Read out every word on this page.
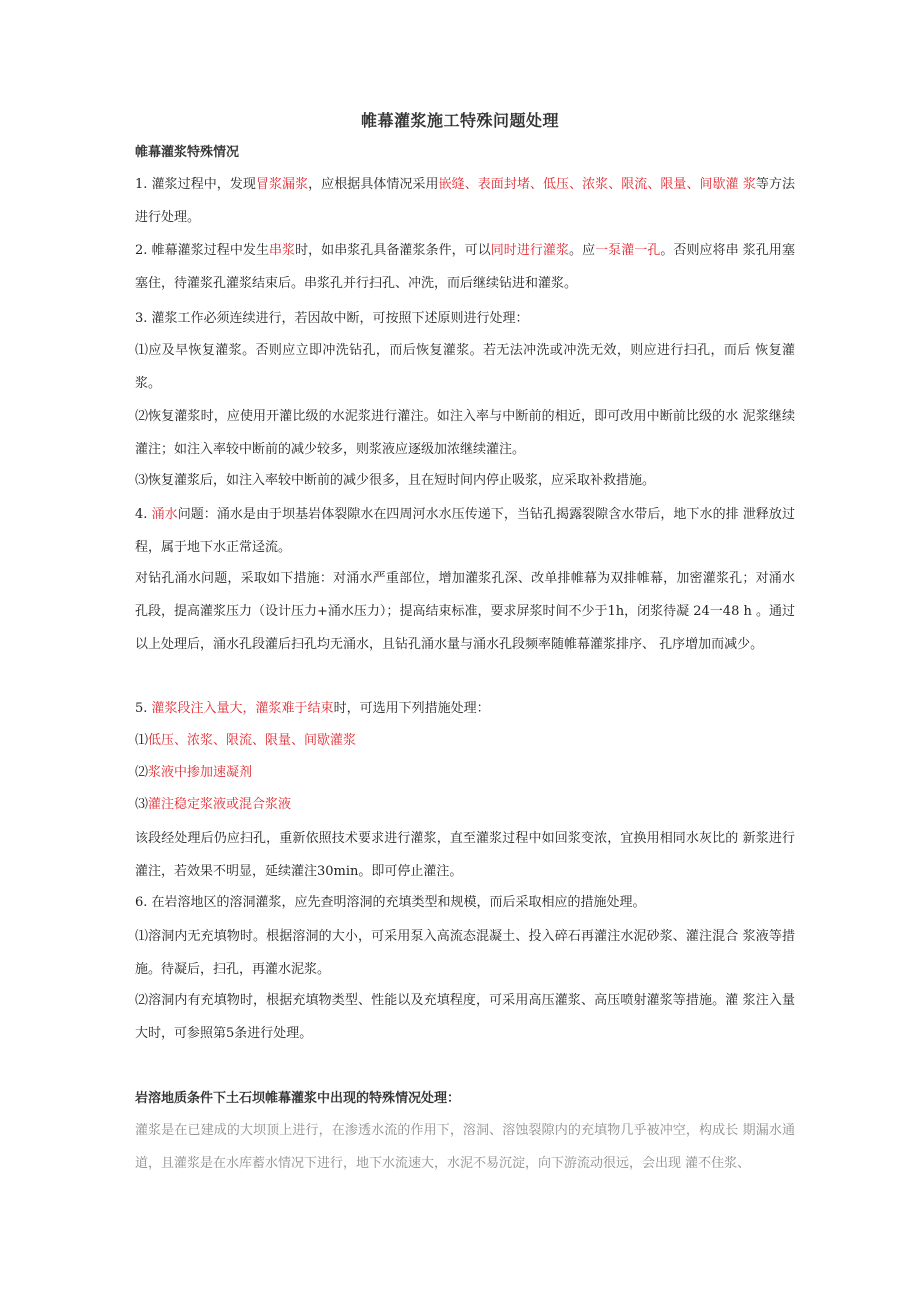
帷幕灌浆施工特殊问题处理
帷幕灌浆特殊情况
1. 灌浆过程中，发现冒浆漏浆，应根据具体情况采用嵌缝、表面封堵、低压、浓浆、限流、限量、间歇灌 浆等方法进行处理。
2. 帷幕灌浆过程中发生串浆时，如串浆孔具备灌浆条件，可以同时进行灌浆。应一泵灌一孔。否则应将串 浆孔用塞塞住，待灌浆孔灌浆结束后。串浆孔并行扫孔、冲洗，而后继续钻进和灌浆。
3. 灌浆工作必须连续进行，若因故中断，可按照下述原则进行处理：
⑴应及早恢复灌浆。否则应立即冲洗钻孔，而后恢复灌浆。若无法冲洗或冲洗无效，则应进行扫孔，而后 恢复灌浆。
⑵恢复灌浆时，应使用开灌比级的水泥浆进行灌注。如注入率与中断前的相近，即可改用中断前比级的水 泥浆继续灌注；如注入率较中断前的减少较多，则浆液应逐级加浓继续灌注。
⑶恢复灌浆后，如注入率较中断前的减少很多，且在短时间内停止吸浆，应采取补救措施。
4. 涌水问题：涌水是由于坝基岩体裂隙水在四周河水水压传递下，当钻孔揭露裂隙含水带后，地下水的排 泄释放过程，属于地下水正常迳流。
对钻孔涌水问题，采取如下措施：对涌水严重部位，增加灌浆孔深、改单排帷幕为双排帷幕，加密灌浆孔；对涌水孔段，提高灌浆压力（设计压力+涌水压力）；提高结束标准，要求屏浆时间不少于1h，闭浆待凝 24一48 h 。通过以上处理后，涌水孔段灌后扫孔均无涌水，且钻孔涌水量与涌水孔段频率随帷幕灌浆排序、 孔序增加而减少。
5. 灌浆段注入量大，灌浆难于结束时，可选用下列措施处理：
⑴低压、浓浆、限流、限量、间歇灌浆
⑵浆液中掺加速凝剂
⑶灌注稳定浆液或混合浆液
该段经处理后仍应扫孔，重新依照技术要求进行灌浆，直至灌浆过程中如回浆变浓，宜换用相同水灰比的 新浆进行灌注，若效果不明显，延续灌注30min。即可停止灌注。
6. 在岩溶地区的溶洞灌浆，应先查明溶洞的充填类型和规模，而后采取相应的措施处理。
⑴溶洞内无充填物时。根据溶洞的大小，可采用泵入高流态混凝土、投入碎石再灌注水泥砂浆、灌注混合 浆液等措施。待凝后，扫孔，再灌水泥浆。
⑵溶洞内有充填物时，根据充填物类型、性能以及充填程度，可采用高压灌浆、高压喷射灌浆等措施。灌 浆注入量大时，可参照第5条进行处理。
岩溶地质条件下土石坝帷幕灌浆中出现的特殊情况处理：
灌浆是在已建成的大坝顶上进行，在渗透水流的作用下，溶洞、溶蚀裂隙内的充填物几乎被冲空，构成长 期漏水通道，且灌浆是在水库蓄水情况下进行，地下水流速大，水泥不易沉淀，向下游流动很远，会出现 灌不住浆、
